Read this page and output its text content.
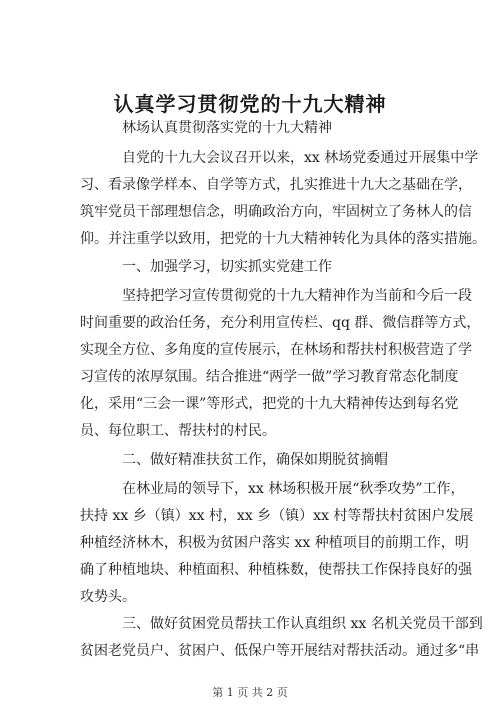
认真学习贯彻党的十九大精神
林场认真贯彻落实党的十九大精神
自党的十九大会议召开以来，xx 林场党委通过开展集中学
习、看录像学样本、自学等方式，扎实推进十九大之基础在学，
筑牢党员干部理想信念，明确政治方向，牢固树立了务林人的信
仰。并注重学以致用，把党的十九大精神转化为具体的落实措施。
一、加强学习，切实抓实党建工作
坚持把学习宣传贯彻党的十九大精神作为当前和今后一段
时间重要的政治任务，充分利用宣传栏、qq 群、微信群等方式，
实现全方位、多角度的宣传展示，在林场和帮扶村积极营造了学
习宣传的浓厚氛围。结合推进“两学一做”学习教育常态化制度
化，采用“三会一课”等形式，把党的十九大精神传达到每名党
员、每位职工、帮扶村的村民。
二、做好精准扶贫工作，确保如期脱贫摘帽
在林业局的领导下，xx 林场积极开展“秋季攻势”工作，
扶持 xx 乡（镇）xx 村，xx 乡（镇）xx 村等帮扶村贫困户发展
种植经济林木，积极为贫困户落实 xx 种植项目的前期工作，明
确了种植地块、种植面积、种植株数，使帮扶工作保持良好的强
攻势头。
三、做好贫困党员帮扶工作认真组织 xx 名机关党员干部到
贫困老党员户、贫困户、低保户等开展结对帮扶活动。通过多“串
第 1 页 共 2 页
